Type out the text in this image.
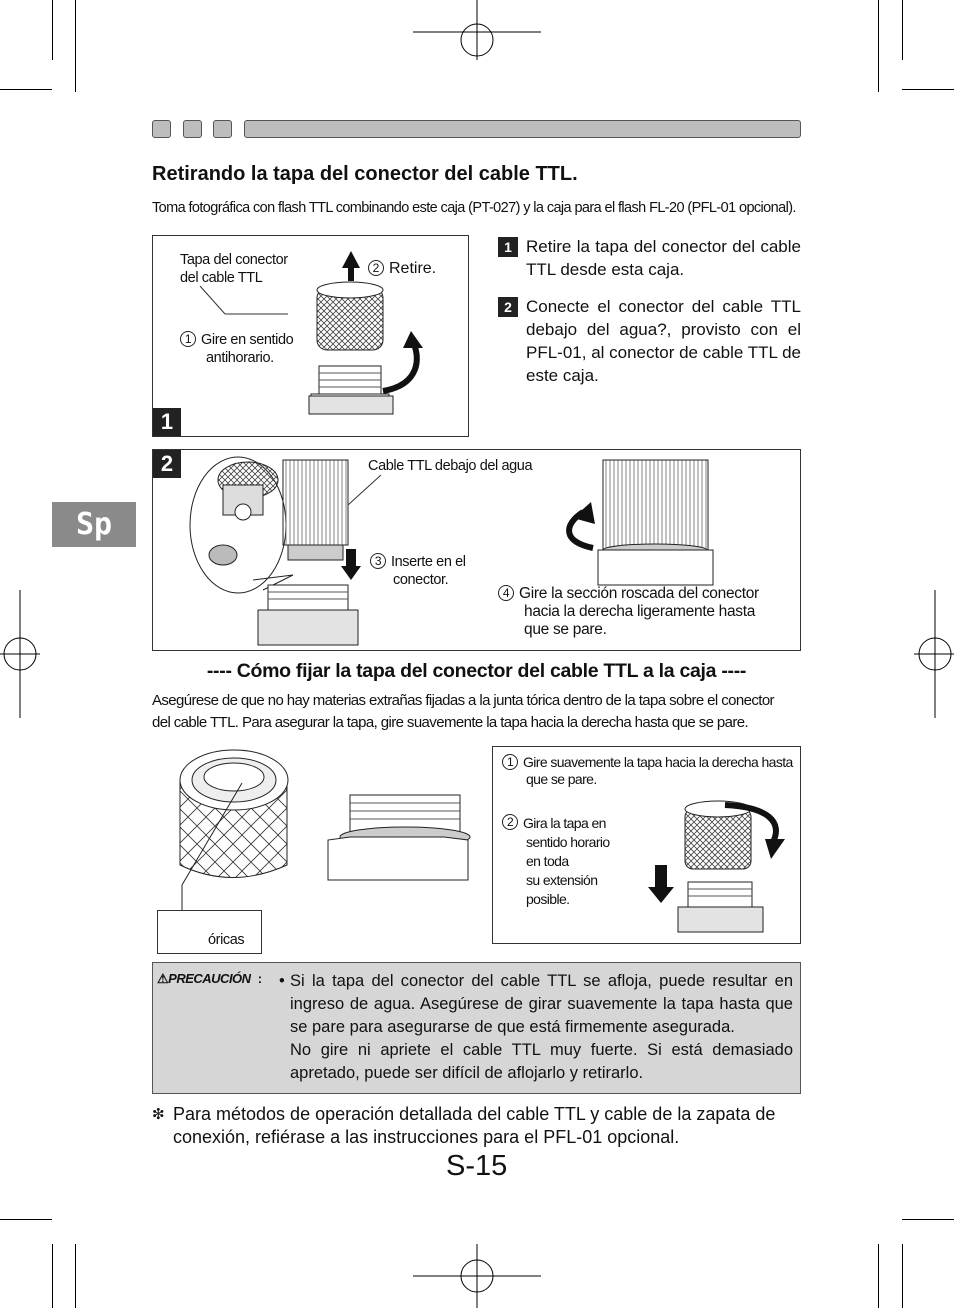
Sp
Retirando la tapa del conector del cable TTL.
Toma fotográfica con flash TTL combinando este caja (PT-027) y la caja para el flash FL-20 (PFL-01 opcional).
Tapa del conector
del cable TTL
1 Gire en sentido
antihorario.
2 Retire.
1
1 Retire la tapa del conector del cable TTL desde esta caja.
2 Conecte el conector del cable TTL debajo del agua?, provisto con el PFL-01, al conector de cable TTL de este caja.
2	Cable TTL debajo del agua
3 Inserte en el
conector.
4 Gire la sección roscada del conector
hacia la derecha ligeramente hasta
que se pare.
---- Cómo fijar la tapa del conector del cable TTL a la caja ----
Asegúrese de que no hay materias extrañas fijadas a la junta tórica dentro de la tapa sobre el conector
del cable TTL. Para asegurar la tapa, gire suavemente la tapa hacia la derecha hasta que se pare.
óricas
1 Gire suavemente la tapa hacia la derecha hasta
que se pare.
2 Gira la tapa en
sentido horario
en toda
su extensión
posible.
⚠PRECAUCIÓN : • Si la tapa del conector del cable TTL se afloja, puede resultar en ingreso de agua. Asegúrese de girar suavemente la tapa hasta que se pare para asegurarse de que está firmemente asegurada.
No gire ni apriete el cable TTL muy fuerte. Si está demasiado apretado, puede ser difícil de aflojarlo y retirarlo.
❇ Para métodos de operación detallada del cable TTL y cable de la zapata de conexión, refiérase a las instrucciones para el PFL-01 opcional.
S-15
